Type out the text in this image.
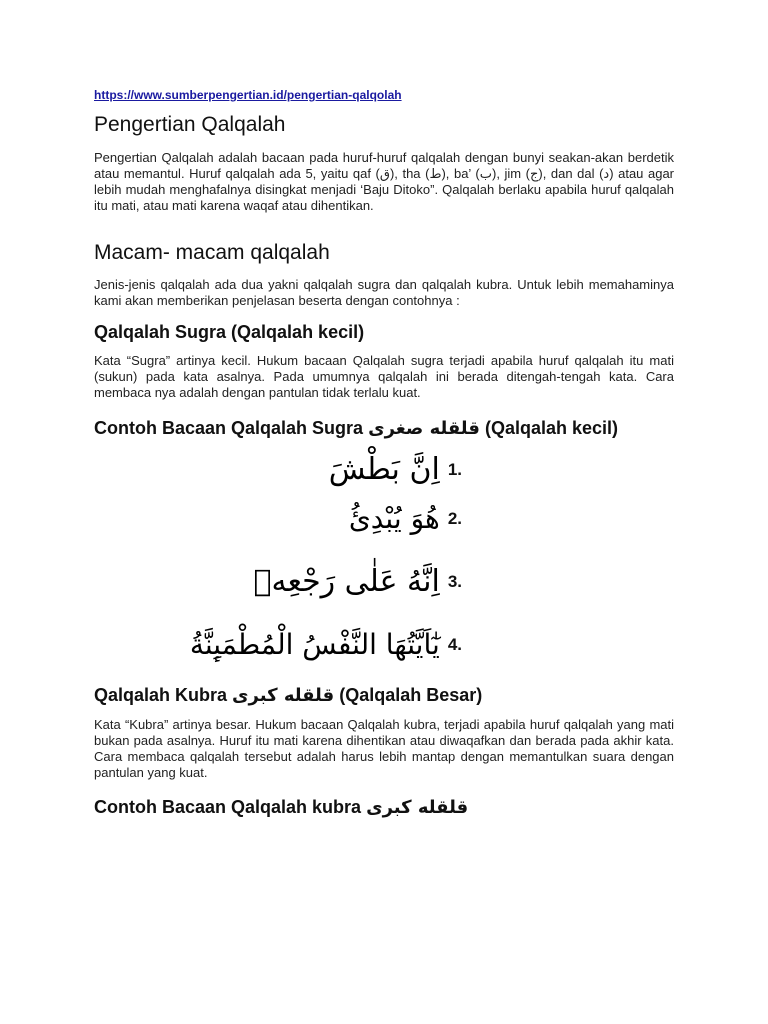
https://www.sumberpengertian.id/pengertian-qalqolah
Pengertian Qalqalah

Pengertian Qalqalah adalah bacaan pada huruf-huruf qalqalah dengan bunyi seakan-akan berdetik atau memantul. Huruf qalqalah ada 5, yaitu qaf (ق), tha (ط), ba’ (ب), jim (ج), dan dal (د) atau agar lebih mudah menghafalnya disingkat menjadi ‘Baju Ditoko”. Qalqalah berlaku apabila huruf qalqalah itu mati, atau mati karena waqaf atau dihentikan.

Macam- macam qalqalah

Jenis-jenis qalqalah ada dua yakni qalqalah sugra dan qalqalah kubra. Untuk lebih memahaminya kami akan memberikan penjelasan beserta dengan contohnya :

Qalqalah Sugra (Qalqalah kecil)

Kata “Sugra” artinya kecil. Hukum bacaan Qalqalah sugra terjadi apabila huruf qalqalah itu mati (sukun) pada kata asalnya. Pada umumnya qalqalah ini berada ditengah-tengah kata. Cara membaca nya adalah dengan pantulan tidak terlalu kuat.

Contoh Bacaan Qalqalah Sugra قلقله صغرى (Qalqalah kecil)
اِنَّ بَطْشَ 1.
هُوَ يُبْدِئُ 2.
اِنَّهُ عَلٰى رَجْعِهٖ 3.
يٰٓاَيَّتُهَا النَّفْسُ الْمُطْمَىِٕنَّةُ 4.
Qalqalah Kubra قلقله كبرى (Qalqalah Besar)

Kata “Kubra” artinya besar. Hukum bacaan Qalqalah kubra, terjadi apabila huruf qalqalah yang mati bukan pada asalnya. Huruf itu mati karena dihentikan atau diwaqafkan dan berada pada akhir kata. Cara membaca qalqalah tersebut adalah harus lebih mantap dengan memantulkan suara dengan pantulan yang kuat.

Contoh Bacaan Qalqalah kubra قلقله كبرى
